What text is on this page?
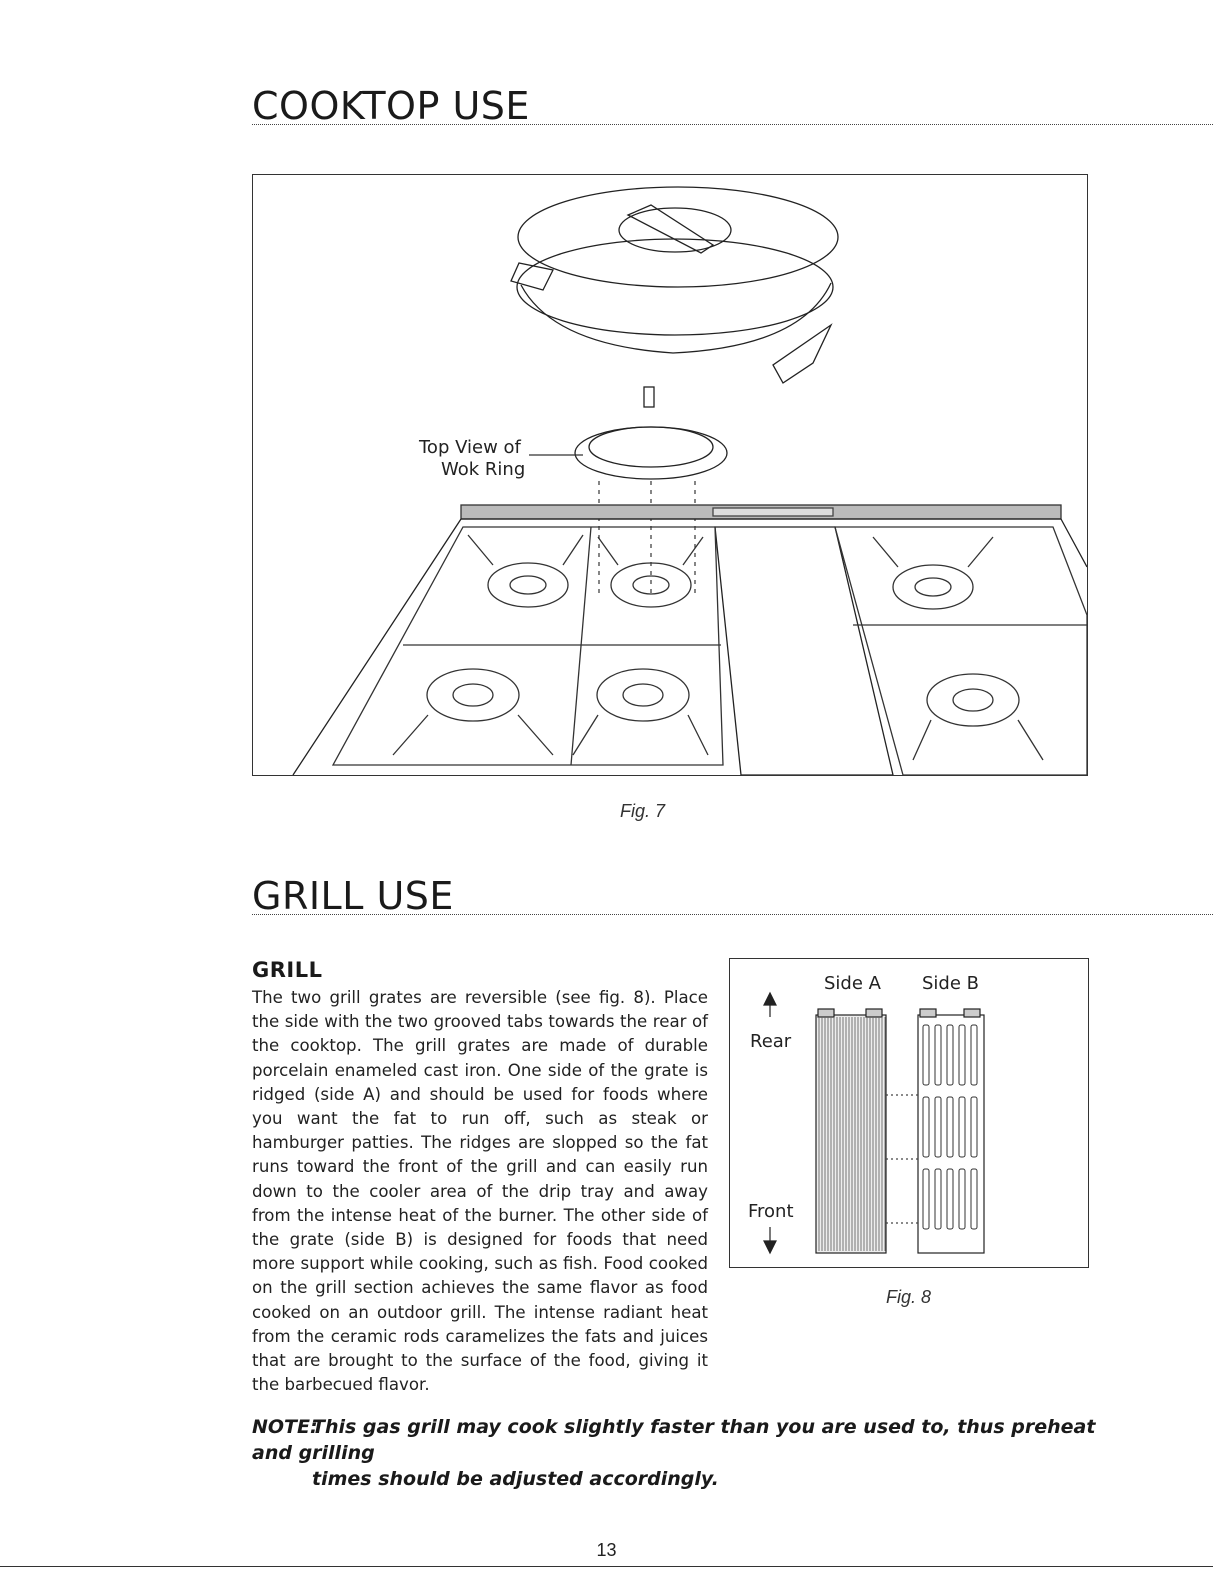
COOKTOP USE
Top View of
Wok Ring
Fig. 7
GRILL USE
GRILL

The two grill grates are reversible (see fig. 8). Place the side with the two grooved tabs towards the rear of the cooktop. The grill grates are made of durable porcelain enameled cast iron. One side of the grate is ridged (side A) and should be used for foods where you want the fat to run off, such as steak or hamburger patties. The ridges are slopped so the fat runs toward the front of the grill and can easily run down to the cooler area of the drip tray and away from the intense heat of the burner. The other side of the grate (side B) is designed for foods that need more support while cooking, such as fish. Food cooked on the grill section achieves the same flavor as food cooked on an outdoor grill. The intense radiant heat from the ceramic rods caramelizes the fats and juices that are brought to the surface of the food, giving it the barbecued flavor.

Side A Side B
Rear
Front
Fig. 8
NOTE:This gas grill may cook slightly faster than you are used to, thus preheat and grilling
times should be adjusted accordingly.
13
